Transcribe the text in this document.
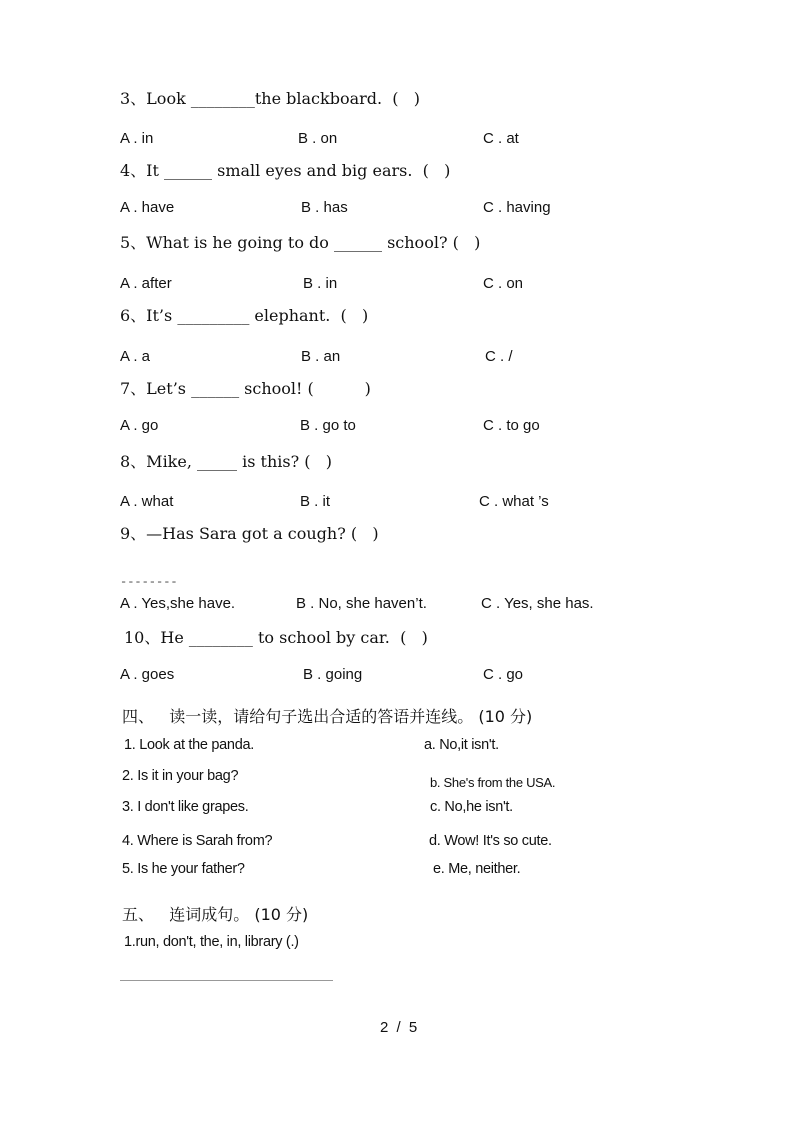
3、Look ________the blackboard.  (   )
A . in	B . on	C . at
4、It ______ small eyes and big ears.  (   )
A . have	B . has	C . having
5、What is he going to do ______ school? (   )
A . after	B . in	C . on
6、It’s _________ elephant.  (   )
A . a	B . an	C . /
7、Let’s ______ school! (          )
A . go	B . go to	C . to go
8、Mike, _____ is this? (   )
A . what	B . it	C . what ’s
9、—Has Sara got a cough? (   )
--------
A . Yes,she have.	B . No, she haven’t.	C . Yes, she has.
10、He ________ to school by car.  (   )
A . goes	B . going	C . go
四、   读一读，请给句子选出合适的答语并连线。 (10 分)
1. Look at the panda.	a. No,it isn't.
2. Is it in your bag?	b. She's from the USA.
3. I don't like grapes.	c. No,he isn't.
4. Where is Sarah from?	d. Wow! It's so cute.
5. Is he your father?	e. Me, neither.
五、   连词成句。 (10 分)
1.run, don't, the, in, library (.)
2 / 5
